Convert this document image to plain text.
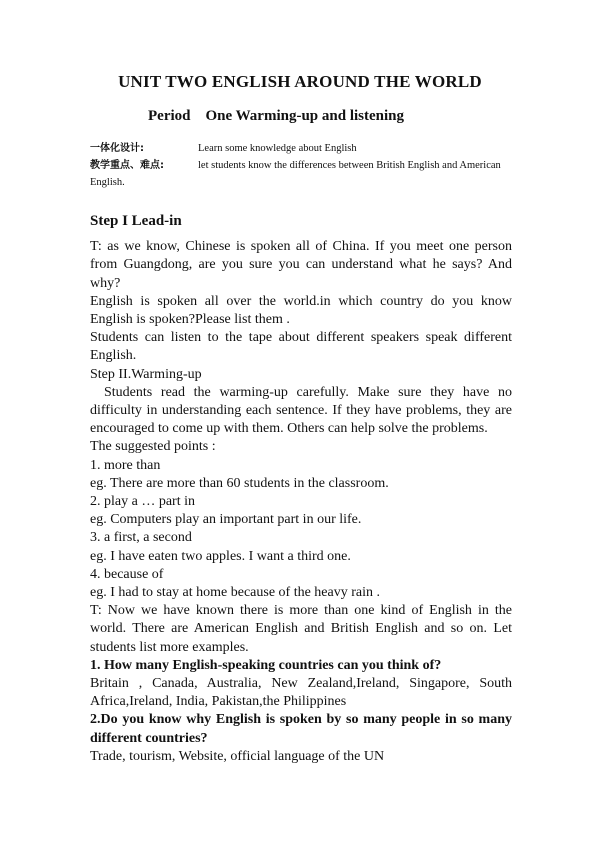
UNIT TWO ENGLISH AROUND THE WORLD
Period    One Warming-up and listening
一体化设计:	Learn some knowledge about English
教学重点、难点:	let students know the differences between British English and American
English.

Step I Lead-in

T: as we know, Chinese is spoken all of China. If you meet one person from Guangdong, are you sure you can understand what he says? And why?

English is spoken all over the world.in which country do you know English is spoken?Please list them .

Students can listen to the tape about different speakers speak different English.

Step II.Warming-up

Students read the warming-up carefully. Make sure they have no difficulty in understanding each sentence. If they have problems, they are encouraged to come up with them. Others can help solve the problems.

The suggested points :

1. more than

eg. There are more than 60 students in the classroom.

2. play a … part in

eg. Computers play an important part in our life.

3. a first, a second

eg. I have eaten two apples. I want a third one.

4. because of

eg. I had to stay at home because of the heavy rain .

T: Now we have known there is more than one kind of English in the world. There are American English and British English and so on. Let students list more examples.

1. How many English-speaking countries can you think of?

Britain , Canada, Australia, New Zealand,Ireland, Singapore, South Africa,Ireland, India, Pakistan,the Philippines

2.Do you know why English is spoken by so many people in so many different countries?

Trade, tourism, Website, official language of the UN
